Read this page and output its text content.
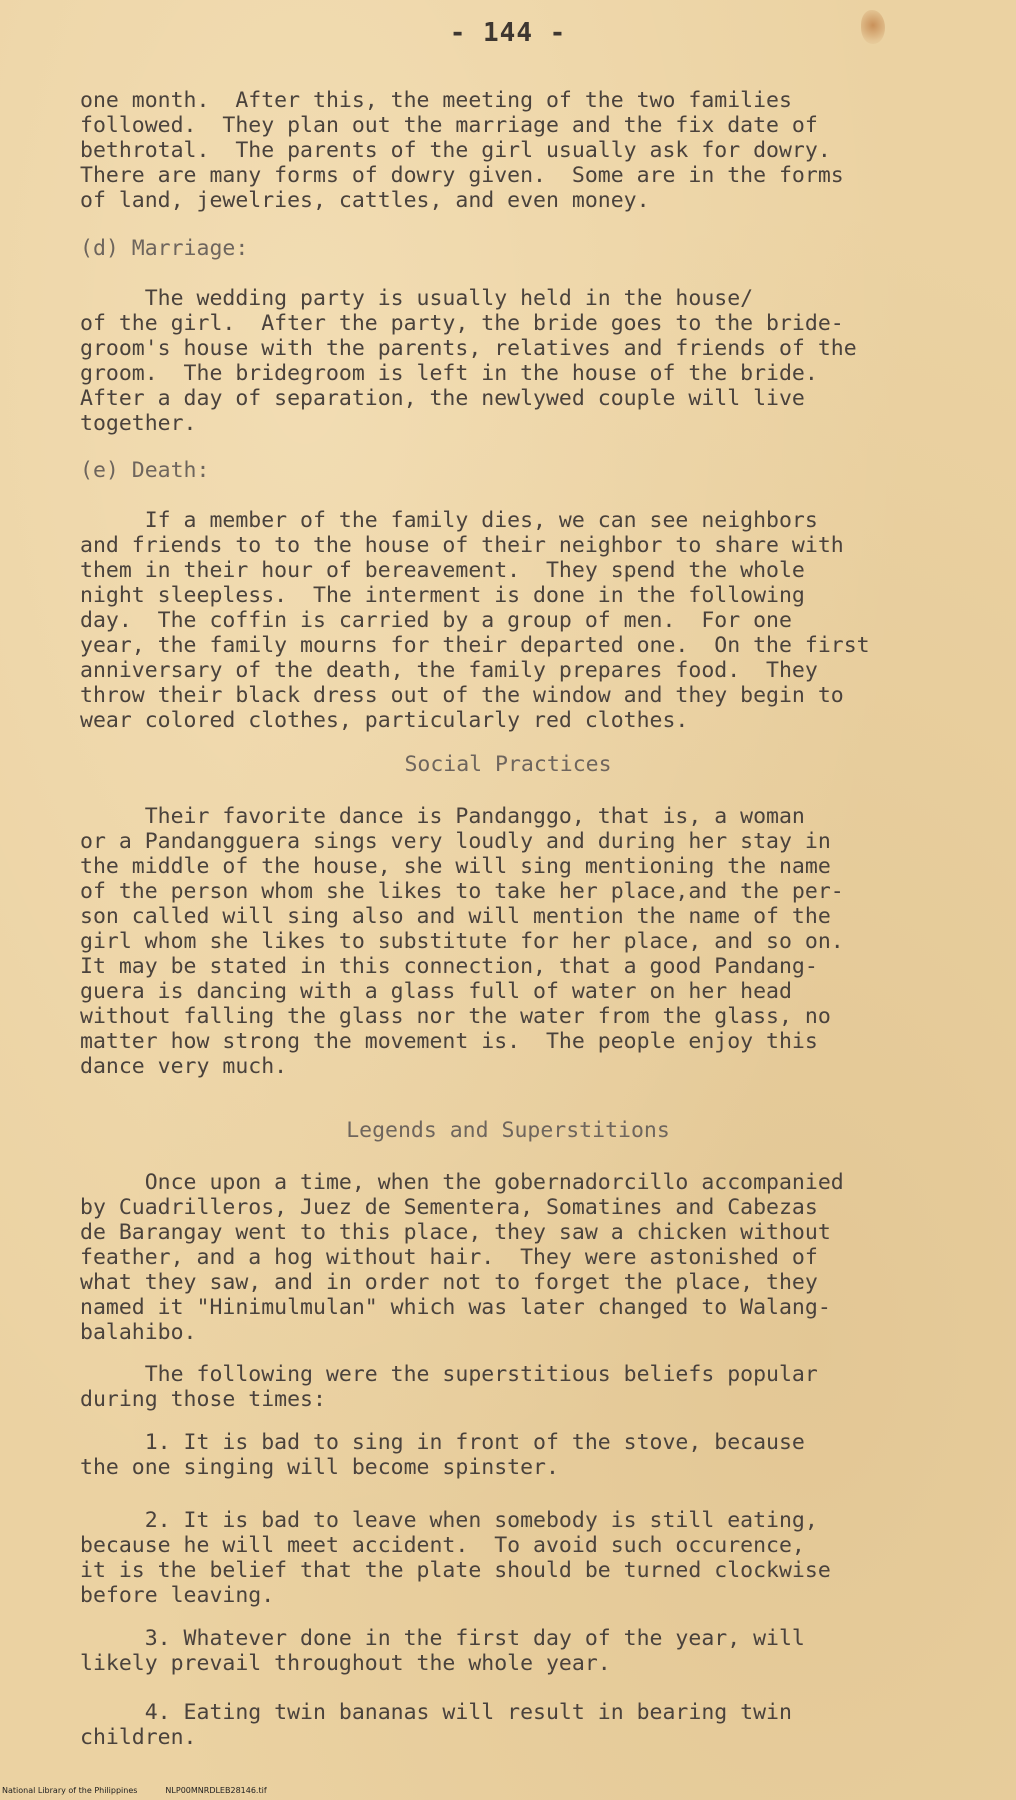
- 144 -
one month.  After this, the meeting of the two families
followed.  They plan out the marriage and the fix date of
bethrotal.  The parents of the girl usually ask for dowry.
There are many forms of dowry given.  Some are in the forms
of land, jewelries, cattles, and even money.
(d) Marriage:
The wedding party is usually held in the house∕
of the girl.  After the party, the bride goes to the bride-
groom's house with the parents, relatives and friends of the
groom.  The bridegroom is left in the house of the bride.
After a day of separation, the newlywed couple will live
together.
(e) Death:
If a member of the family dies, we can see neighbors
and friends to to the house of their neighbor to share with
them in their hour of bereavement.  They spend the whole
night sleepless.  The interment is done in the following
day.  The coffin is carried by a group of men.  For one
year, the family mourns for their departed one.  On the first
anniversary of the death, the family prepares food.  They
throw their black dress out of the window and they begin to
wear colored clothes, particularly red clothes.
Social Practices
Their favorite dance is Pandanggo, that is, a woman
or a Pandangguera sings very loudly and during her stay in
the middle of the house, she will sing mentioning the name
of the person whom she likes to take her place,and the per-
son called will sing also and will mention the name of the
girl whom she likes to substitute for her place, and so on.
It may be stated in this connection, that a good Pandang-
guera is dancing with a glass full of water on her head
without falling the glass nor the water from the glass, no
matter how strong the movement is.  The people enjoy this
dance very much.
Legends and Superstitions
Once upon a time, when the gobernadorcillo accompanied
by Cuadrilleros, Juez de Sementera, Somatines and Cabezas
de Barangay went to this place, they saw a chicken without
feather, and a hog without hair.  They were astonished of
what they saw, and in order not to forget the place, they
named it "Hinimulmulan" which was later changed to Walang-
balahibo.
The following were the superstitious beliefs popular
during those times:
1. It is bad to sing in front of the stove, because
the one singing will become spinster.
2. It is bad to leave when somebody is still eating,
because he will meet accident.  To avoid such occurence,
it is the belief that the plate should be turned clockwise
before leaving.
3. Whatever done in the first day of the year, will
likely prevail throughout the whole year.
4. Eating twin bananas will result in bearing twin
children.
National Library of the Philippines	NLP00MNRDLEB28146.tif
